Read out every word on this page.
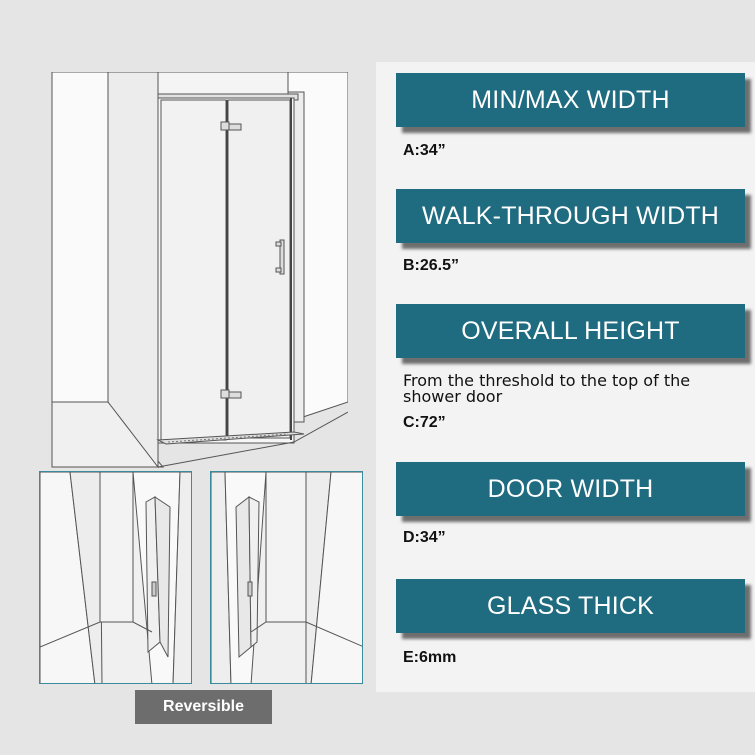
MIN/MAX WIDTH
A:34”
WALK-THROUGH WIDTH
B:26.5”
OVERALL HEIGHT
From the threshold to the top of the shower door
C:72”
DOOR WIDTH
D:34”
GLASS THICK
E:6mm
Reversible
